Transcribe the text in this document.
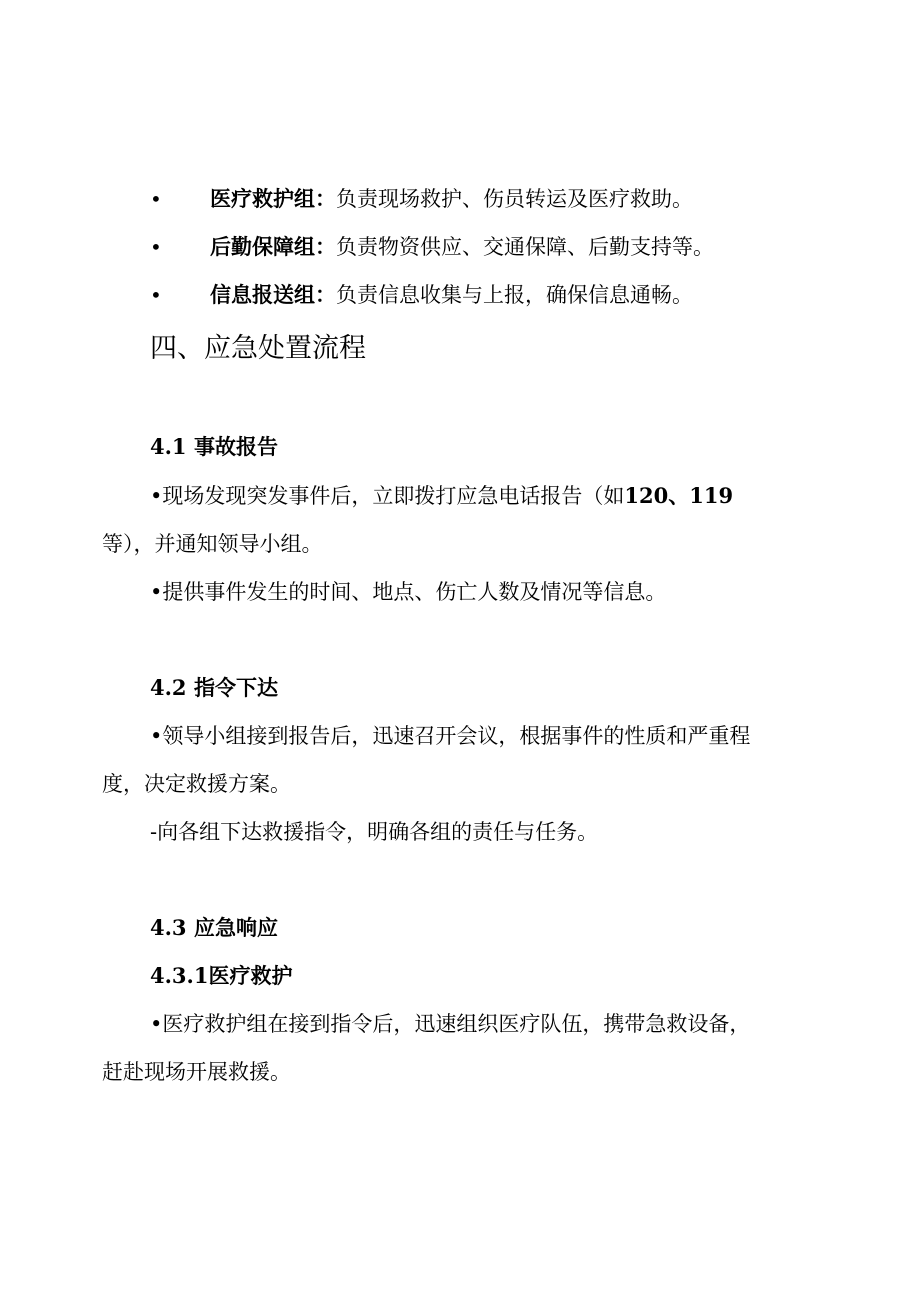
• 医疗救护组：负责现场救护、伤员转运及医疗救助。
• 后勤保障组：负责物资供应、交通保障、后勤支持等。
• 信息报送组：负责信息收集与上报，确保信息通畅。
四、应急处置流程
4.1 事故报告
•现场发现突发事件后，立即拨打应急电话报告（如120、119
等），并通知领导小组。
•提供事件发生的时间、地点、伤亡人数及情况等信息。
4.2 指令下达
•领导小组接到报告后，迅速召开会议，根据事件的性质和严重程
度，决定救援方案。
-向各组下达救援指令，明确各组的责任与任务。
4.3 应急响应
4.3.1医疗救护
•医疗救护组在接到指令后，迅速组织医疗队伍，携带急救设备，
赶赴现场开展救援。
